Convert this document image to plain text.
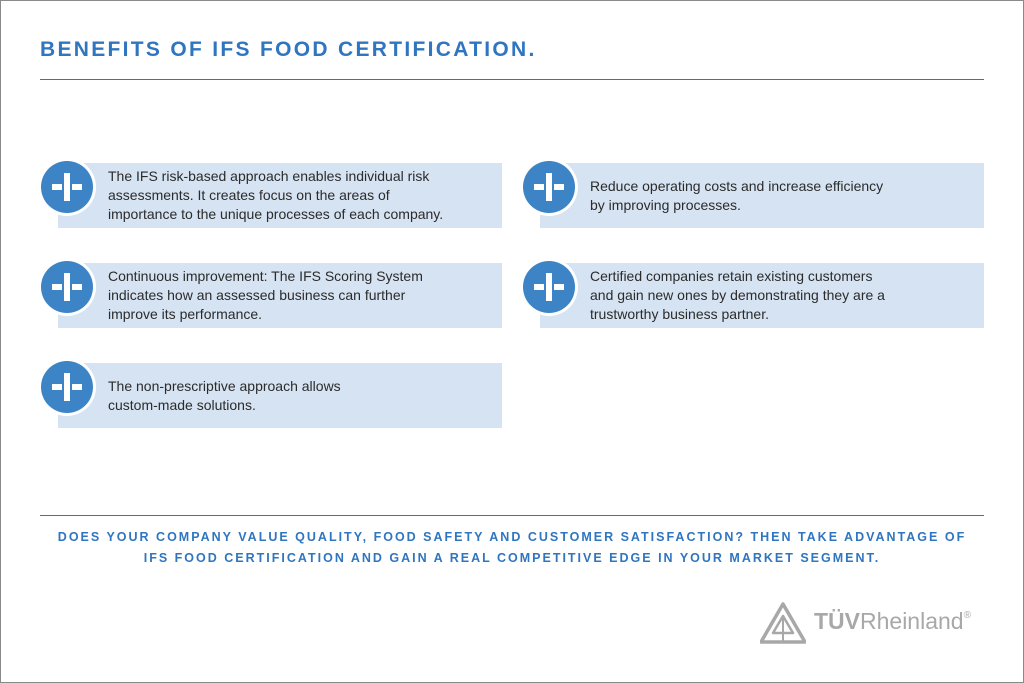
BENEFITS OF IFS FOOD CERTIFICATION.
The IFS risk-based approach enables individual risk
assessments. It creates focus on the areas of
importance to the unique processes of each company.
Reduce operating costs and increase efficiency
by improving processes.
Continuous improvement: The IFS Scoring System
indicates how an assessed business can further
improve its performance.
Certified companies retain existing customers
and gain new ones by demonstrating they are a
trustworthy business partner.
The non-prescriptive approach allows
custom-made solutions.
DOES YOUR COMPANY VALUE QUALITY, FOOD SAFETY AND CUSTOMER SATISFACTION? THEN TAKE ADVANTAGE OF
IFS FOOD CERTIFICATION AND GAIN A REAL COMPETITIVE EDGE IN YOUR MARKET SEGMENT.
TÜVRheinland®
